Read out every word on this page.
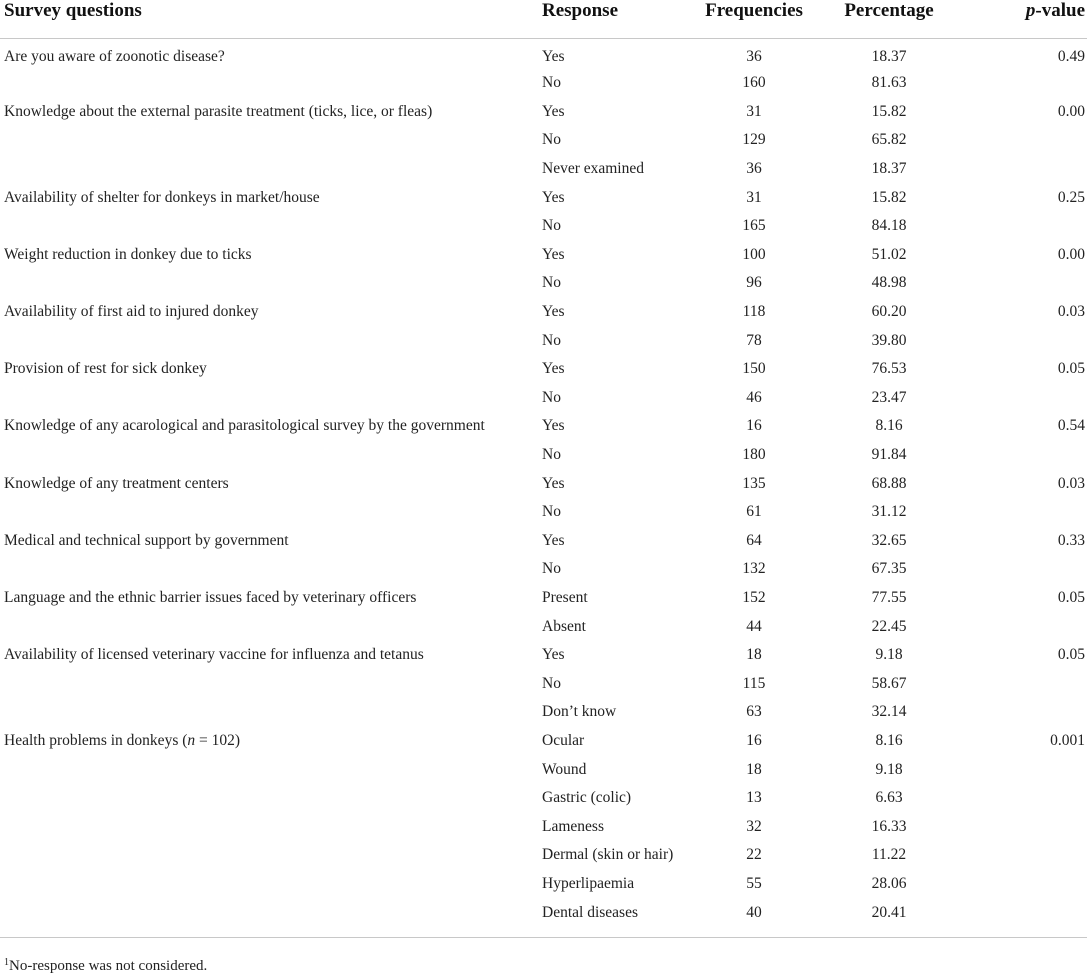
Survey questions	Response	Frequencies	Percentage	p-value
Are you aware of zoonotic disease?	Yes	36	18.37	0.49
	No	160	81.63	
Knowledge about the external parasite treatment (ticks, lice, or fleas)	Yes	31	15.82	0.00
	No	129	65.82	
	Never examined	36	18.37	
Availability of shelter for donkeys in market/house	Yes	31	15.82	0.25
	No	165	84.18	
Weight reduction in donkey due to ticks	Yes	100	51.02	0.00
	No	96	48.98	
Availability of first aid to injured donkey	Yes	118	60.20	0.03
	No	78	39.80	
Provision of rest for sick donkey	Yes	150	76.53	0.05
	No	46	23.47	
Knowledge of any acarological and parasitological survey by the government	Yes	16	8.16	0.54
	No	180	91.84	
Knowledge of any treatment centers	Yes	135	68.88	0.03
	No	61	31.12	
Medical and technical support by government	Yes	64	32.65	0.33
	No	132	67.35	
Language and the ethnic barrier issues faced by veterinary officers	Present	152	77.55	0.05
	Absent	44	22.45	
Availability of licensed veterinary vaccine for influenza and tetanus	Yes	18	9.18	0.05
	No	115	58.67	
	Don’t know	63	32.14	
Health problems in donkeys (n = 102)	Ocular	16	8.16	0.001
	Wound	18	9.18	
	Gastric (colic)	13	6.63	
	Lameness	32	16.33	
	Dermal (skin or hair)	22	11.22	
	Hyperlipaemia	55	28.06	
	Dental diseases	40	20.41	
$^1$No-response was not considered.
